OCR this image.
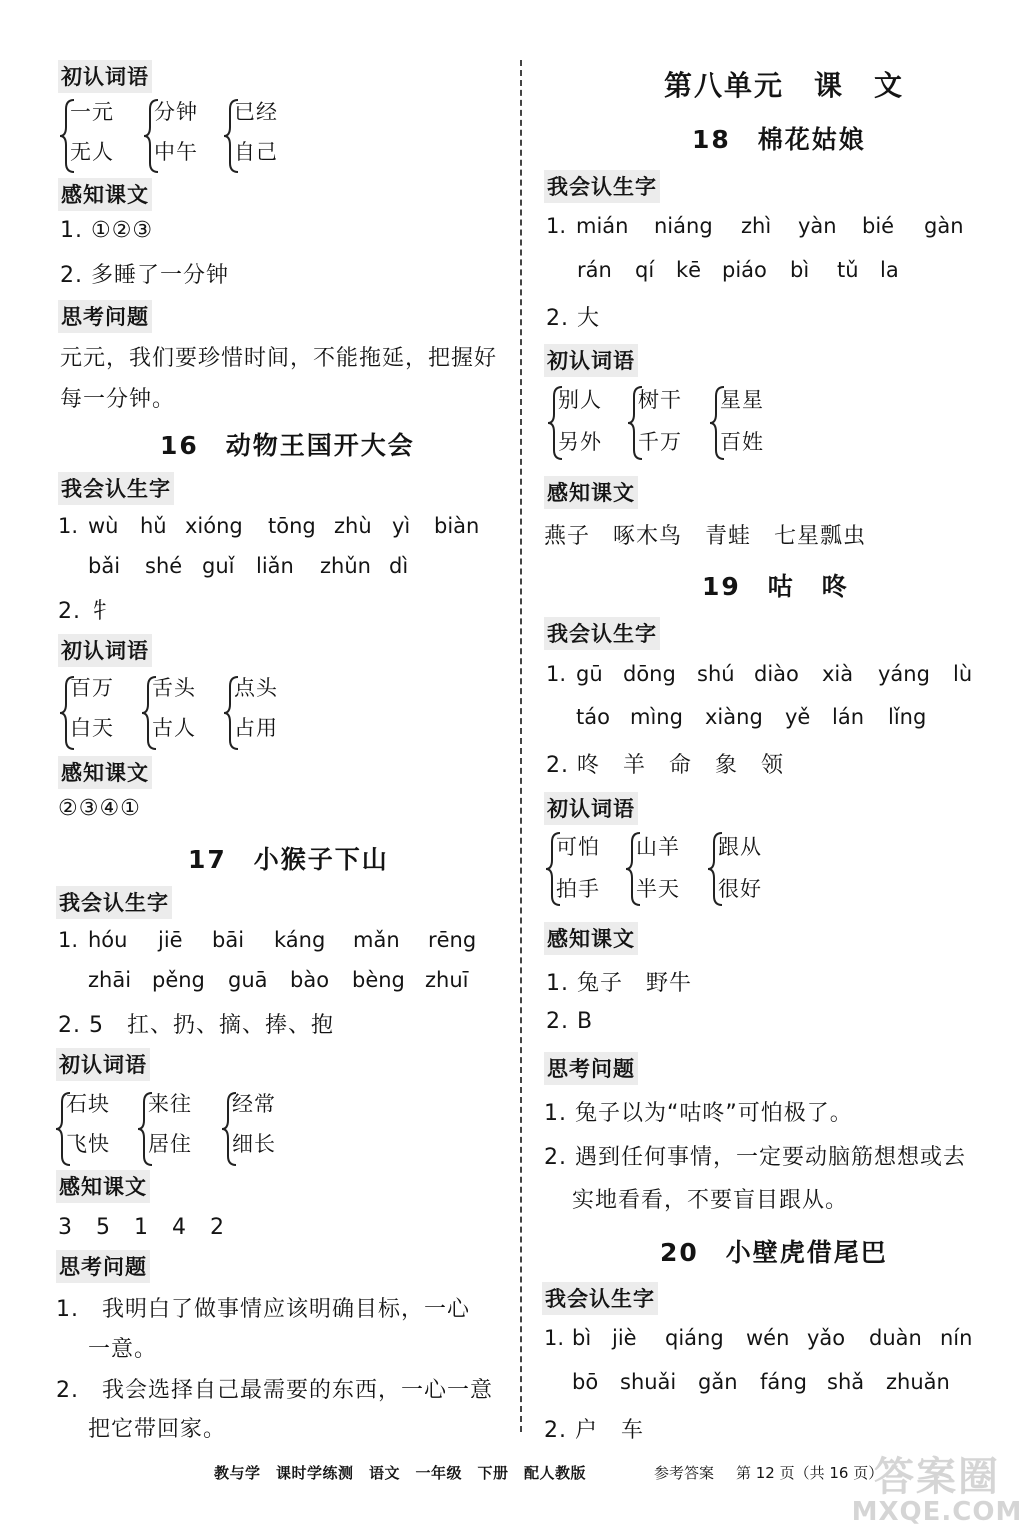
初认词语
一元
无人
分钟
中午
已经
自己
感知课文
1. ①②③
2. 多睡了一分钟
思考问题
元元，我们要珍惜时间，不能拖延，把握好
每一分钟。
16　动物王国开大会
我会认生字
1. wù hǔ xióng tōng zhù yì biàn
bǎi shé guǐ liǎn zhǔn dì
2. 牜
初认词语
百万
白天
舌头
古人
点头
占用
感知课文
②③④①
17　小猴子下山
我会认生字
1. hóu jiē bāi káng mǎn rēng
zhāi pěng guā bào bèng zhuī
2. 5　扛、扔、摘、捧、抱
初认词语
石块
飞快
来往
居住
经常
细长
感知课文
3　5　1　4　2
思考问题
1.　我明白了做事情应该明确目标，一心
一意。
2.　我会选择自己最需要的东西，一心一意
把它带回家。
第八单元　课　文
18　棉花姑娘
我会认生字
1. mián niáng zhì yàn bié gàn
rán qí kē piáo bì tǔ la
2. 大
初认词语
别人
另外
树干
千万
星星
百姓
感知课文
燕子　啄木鸟　青蛙　七星瓢虫
19　咕　咚
我会认生字
1. gū dōng shú diào xià yáng lù
táo mìng xiàng yě lán lǐng
2. 咚　羊　命　象　领
初认词语
可怕
拍手
山羊
半天
跟从
很好
感知课文
1. 兔子　野牛
2. B
思考问题
1. 兔子以为“咕咚”可怕极了。
2. 遇到任何事情，一定要动脑筋想想或去
实地看看，不要盲目跟从。
20　小壁虎借尾巴
我会认生字
1. bì jiè qiáng wén yǎo duàn nín
bō shuǎi gǎn fáng shǎ zhuǎn
2. 户　车
教与学　课时学练测　语文　一年级　下册　配人教版	参考答案 第 12 页（共 16 页）
答案圈
MXQE.COM
